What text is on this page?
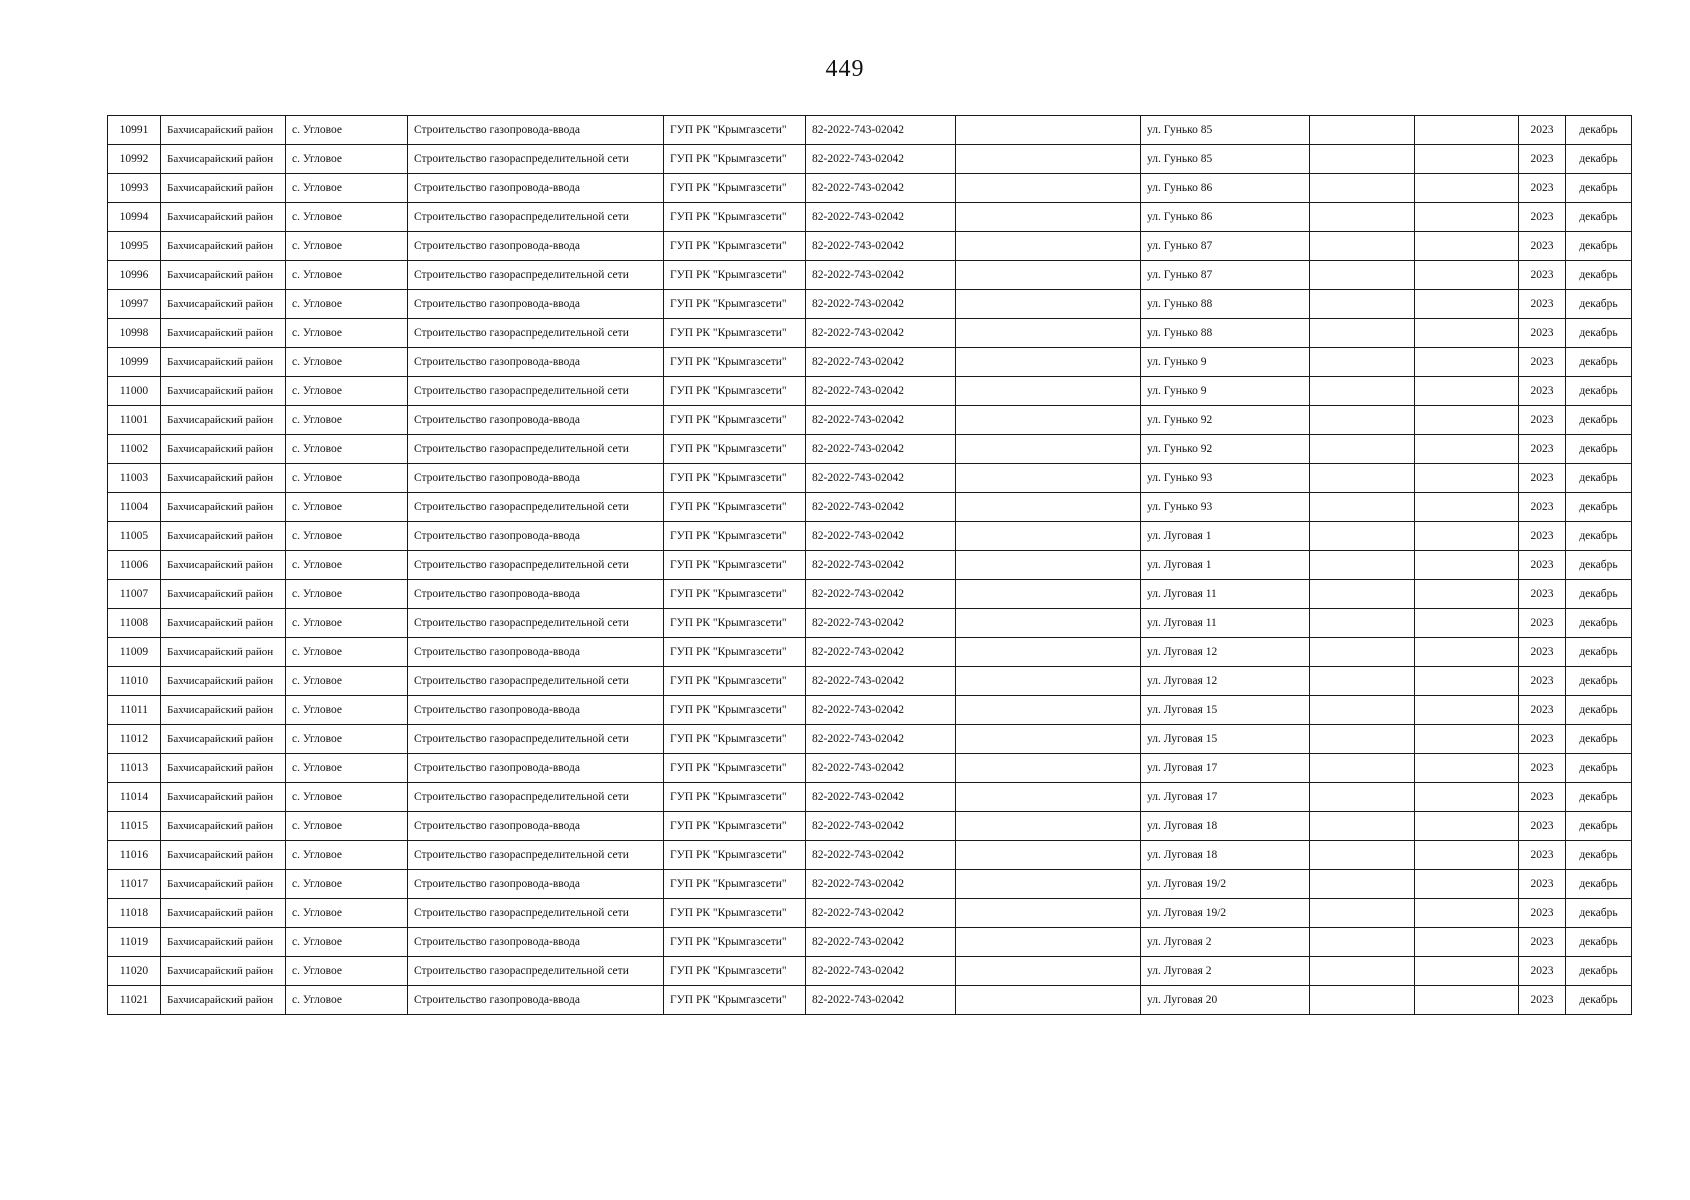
449
10991	Бахчисарайский район	с. Угловое	Строительство газопровода-ввода	ГУП РК "Крымгазсети"	82-2022-743-02042		ул. Гунько 85			2023	декабрь
10992	Бахчисарайский район	с. Угловое	Строительство газораспределительной сети	ГУП РК "Крымгазсети"	82-2022-743-02042		ул. Гунько 85			2023	декабрь
10993	Бахчисарайский район	с. Угловое	Строительство газопровода-ввода	ГУП РК "Крымгазсети"	82-2022-743-02042		ул. Гунько 86			2023	декабрь
10994	Бахчисарайский район	с. Угловое	Строительство газораспределительной сети	ГУП РК "Крымгазсети"	82-2022-743-02042		ул. Гунько 86			2023	декабрь
10995	Бахчисарайский район	с. Угловое	Строительство газопровода-ввода	ГУП РК "Крымгазсети"	82-2022-743-02042		ул. Гунько 87			2023	декабрь
10996	Бахчисарайский район	с. Угловое	Строительство газораспределительной сети	ГУП РК "Крымгазсети"	82-2022-743-02042		ул. Гунько 87			2023	декабрь
10997	Бахчисарайский район	с. Угловое	Строительство газопровода-ввода	ГУП РК "Крымгазсети"	82-2022-743-02042		ул. Гунько 88			2023	декабрь
10998	Бахчисарайский район	с. Угловое	Строительство газораспределительной сети	ГУП РК "Крымгазсети"	82-2022-743-02042		ул. Гунько 88			2023	декабрь
10999	Бахчисарайский район	с. Угловое	Строительство газопровода-ввода	ГУП РК "Крымгазсети"	82-2022-743-02042		ул. Гунько 9			2023	декабрь
11000	Бахчисарайский район	с. Угловое	Строительство газораспределительной сети	ГУП РК "Крымгазсети"	82-2022-743-02042		ул. Гунько 9			2023	декабрь
11001	Бахчисарайский район	с. Угловое	Строительство газопровода-ввода	ГУП РК "Крымгазсети"	82-2022-743-02042		ул. Гунько 92			2023	декабрь
11002	Бахчисарайский район	с. Угловое	Строительство газораспределительной сети	ГУП РК "Крымгазсети"	82-2022-743-02042		ул. Гунько 92			2023	декабрь
11003	Бахчисарайский район	с. Угловое	Строительство газопровода-ввода	ГУП РК "Крымгазсети"	82-2022-743-02042		ул. Гунько 93			2023	декабрь
11004	Бахчисарайский район	с. Угловое	Строительство газораспределительной сети	ГУП РК "Крымгазсети"	82-2022-743-02042		ул. Гунько 93			2023	декабрь
11005	Бахчисарайский район	с. Угловое	Строительство газопровода-ввода	ГУП РК "Крымгазсети"	82-2022-743-02042		ул. Луговая 1			2023	декабрь
11006	Бахчисарайский район	с. Угловое	Строительство газораспределительной сети	ГУП РК "Крымгазсети"	82-2022-743-02042		ул. Луговая 1			2023	декабрь
11007	Бахчисарайский район	с. Угловое	Строительство газопровода-ввода	ГУП РК "Крымгазсети"	82-2022-743-02042		ул. Луговая 11			2023	декабрь
11008	Бахчисарайский район	с. Угловое	Строительство газораспределительной сети	ГУП РК "Крымгазсети"	82-2022-743-02042		ул. Луговая 11			2023	декабрь
11009	Бахчисарайский район	с. Угловое	Строительство газопровода-ввода	ГУП РК "Крымгазсети"	82-2022-743-02042		ул. Луговая 12			2023	декабрь
11010	Бахчисарайский район	с. Угловое	Строительство газораспределительной сети	ГУП РК "Крымгазсети"	82-2022-743-02042		ул. Луговая 12			2023	декабрь
11011	Бахчисарайский район	с. Угловое	Строительство газопровода-ввода	ГУП РК "Крымгазсети"	82-2022-743-02042		ул. Луговая 15			2023	декабрь
11012	Бахчисарайский район	с. Угловое	Строительство газораспределительной сети	ГУП РК "Крымгазсети"	82-2022-743-02042		ул. Луговая 15			2023	декабрь
11013	Бахчисарайский район	с. Угловое	Строительство газопровода-ввода	ГУП РК "Крымгазсети"	82-2022-743-02042		ул. Луговая 17			2023	декабрь
11014	Бахчисарайский район	с. Угловое	Строительство газораспределительной сети	ГУП РК "Крымгазсети"	82-2022-743-02042		ул. Луговая 17			2023	декабрь
11015	Бахчисарайский район	с. Угловое	Строительство газопровода-ввода	ГУП РК "Крымгазсети"	82-2022-743-02042		ул. Луговая 18			2023	декабрь
11016	Бахчисарайский район	с. Угловое	Строительство газораспределительной сети	ГУП РК "Крымгазсети"	82-2022-743-02042		ул. Луговая 18			2023	декабрь
11017	Бахчисарайский район	с. Угловое	Строительство газопровода-ввода	ГУП РК "Крымгазсети"	82-2022-743-02042		ул. Луговая 19/2			2023	декабрь
11018	Бахчисарайский район	с. Угловое	Строительство газораспределительной сети	ГУП РК "Крымгазсети"	82-2022-743-02042		ул. Луговая 19/2			2023	декабрь
11019	Бахчисарайский район	с. Угловое	Строительство газопровода-ввода	ГУП РК "Крымгазсети"	82-2022-743-02042		ул. Луговая 2			2023	декабрь
11020	Бахчисарайский район	с. Угловое	Строительство газораспределительной сети	ГУП РК "Крымгазсети"	82-2022-743-02042		ул. Луговая 2			2023	декабрь
11021	Бахчисарайский район	с. Угловое	Строительство газопровода-ввода	ГУП РК "Крымгазсети"	82-2022-743-02042		ул. Луговая 20			2023	декабрь
